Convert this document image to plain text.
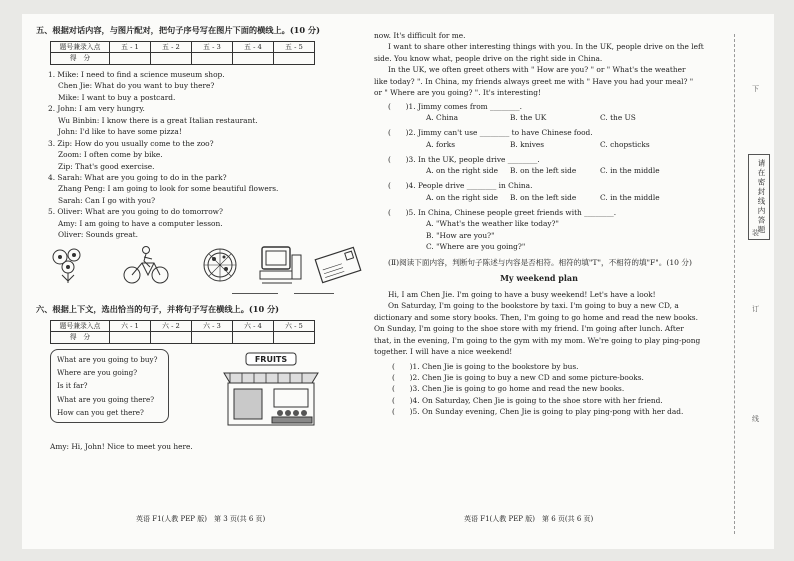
五、根据对话内容，与图片配对，把句子序号写在图片下面的横线上。(10 分)
题号兼录入点	五 - 1	五 - 2	五 - 3	五 - 4	五 - 5
得　分					
1. Mike: I need to find a science museum shop.
Chen Jie: What do you want to buy there?
Mike: I want to buy a postcard.
2. John: I am very hungry.
Wu Binbin: I know there is a great Italian restaurant.
John: I'd like to have some pizza!
3. Zip: How do you usually come to the zoo?
Zoom: I often come by bike.
Zip: That's good exercise.
4. Sarah: What are you going to do in the park?
Zhang Peng: I am going to look for some beautiful flowers.
Sarah: Can I go with you?
5. Oliver: What are you going to do tomorrow?
Amy: I am going to have a computer lesson.
Oliver: Sounds great.
六、根据上下文，选出恰当的句子，并将句子写在横线上。(10 分)
题号兼录入点	六 - 1	六 - 2	六 - 3	六 - 4	六 - 5
得　分					
What are you going to buy?
Where are you going?
Is it far?
What are you going there?
How can you get there?
FRUITS
Amy: Hi, John! Nice to meet you here.
英语 F1(人教 PEP 版)　第 3 页(共 6 页)
now. It's difficult for me.
I want to share other interesting things with you. In the UK, people drive on the left
side. You know what, people drive on the right side in China.
In the UK, we often greet others with " How are you? " or " What's the weather
like today? ". In China, my friends always greet me with " Have you had your meal? "
or " Where are you going? ". It's interesting!
(　　)1. Jimmy comes from ________.
A. China	B. the UK	C. the US
(　　)2. Jimmy can't use ________ to have Chinese food.
A. forks	B. knives	C. chopsticks
(　　)3. In the UK, people drive ________.
A. on the right side B. on the left side	C. in the middle
(　　)4. People drive ________ in China.
A. on the right side B. on the left side	C. in the middle
(　　)5. In China, Chinese people greet friends with ________.
A. "What's the weather like today?"
B. "How are you?"
C. "Where are you going?"
(Ⅱ)阅读下面内容，判断句子陈述与内容是否相符。相符的填"T"，不相符的填"F"。(10 分)
My weekend plan
Hi, I am Chen Jie. I'm going to have a busy weekend! Let's have a look!
On Saturday, I'm going to the bookstore by taxi. I'm going to buy a new CD, a
dictionary and some story books. Then, I'm going to go home and read the new books.
On Sunday, I'm going to the shoe store with my friend. I'm going after lunch. After
that, in the evening, I'm going to the gym with my mom. We're going to play ping-pong
together. I will have a nice weekend!
(　　)1. Chen Jie is going to the bookstore by bus.
(　　)2. Chen Jie is going to buy a new CD and some picture-books.
(　　)3. Chen Jie is going to go home and read the new books.
(　　)4. On Saturday, Chen Jie is going to the shoe store with her friend.
(　　)5. On Sunday evening, Chen Jie is going to play ping-pong with her dad.
英语 F1(人教 PEP 版)　第 6 页(共 6 页)
请在密封线内答题
下
装
订
线
